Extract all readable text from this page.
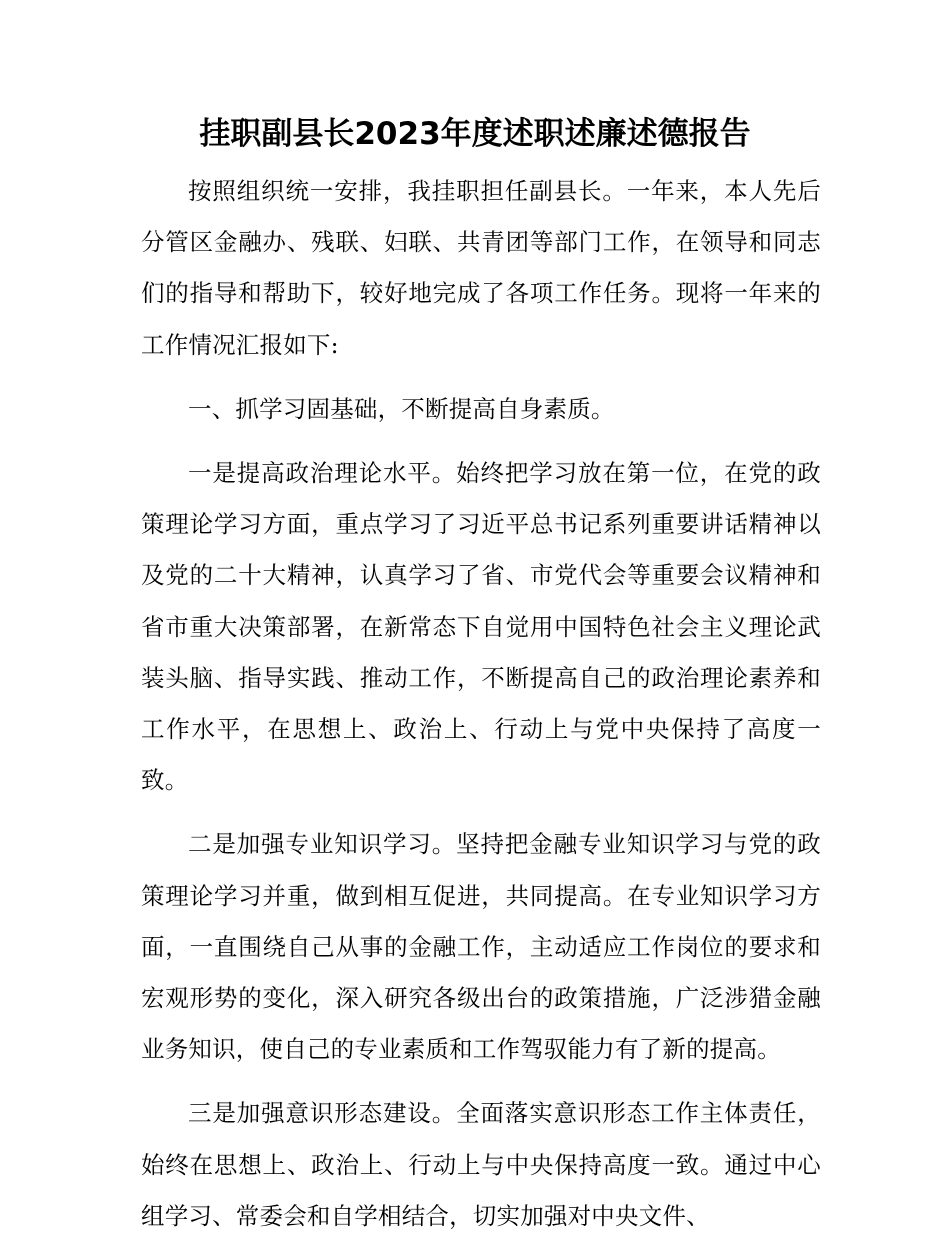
挂职副县长2023年度述职述廉述德报告

按照组织统一安排，我挂职担任副县长。一年来，本人先后分管区金融办、残联、妇联、共青团等部门工作，在领导和同志们的指导和帮助下，较好地完成了各项工作任务。现将一年来的工作情况汇报如下:

一、抓学习固基础，不断提高自身素质。

一是提高政治理论水平。始终把学习放在第一位，在党的政策理论学习方面，重点学习了习近平总书记系列重要讲话精神以及党的二十大精神，认真学习了省、市党代会等重要会议精神和省市重大决策部署，在新常态下自觉用中国特色社会主义理论武装头脑、指导实践、推动工作，不断提高自己的政治理论素养和工作水平，在思想上、政治上、行动上与党中央保持了高度一致。

二是加强专业知识学习。坚持把金融专业知识学习与党的政策理论学习并重，做到相互促进，共同提高。在专业知识学习方面，一直围绕自己从事的金融工作，主动适应工作岗位的要求和宏观形势的变化，深入研究各级出台的政策措施，广泛涉猎金融业务知识，使自己的专业素质和工作驾驭能力有了新的提高。

三是加强意识形态建设。全面落实意识形态工作主体责任，始终在思想上、政治上、行动上与中央保持高度一致。通过中心组学习、常委会和自学相结合，切实加强对中央文件、
